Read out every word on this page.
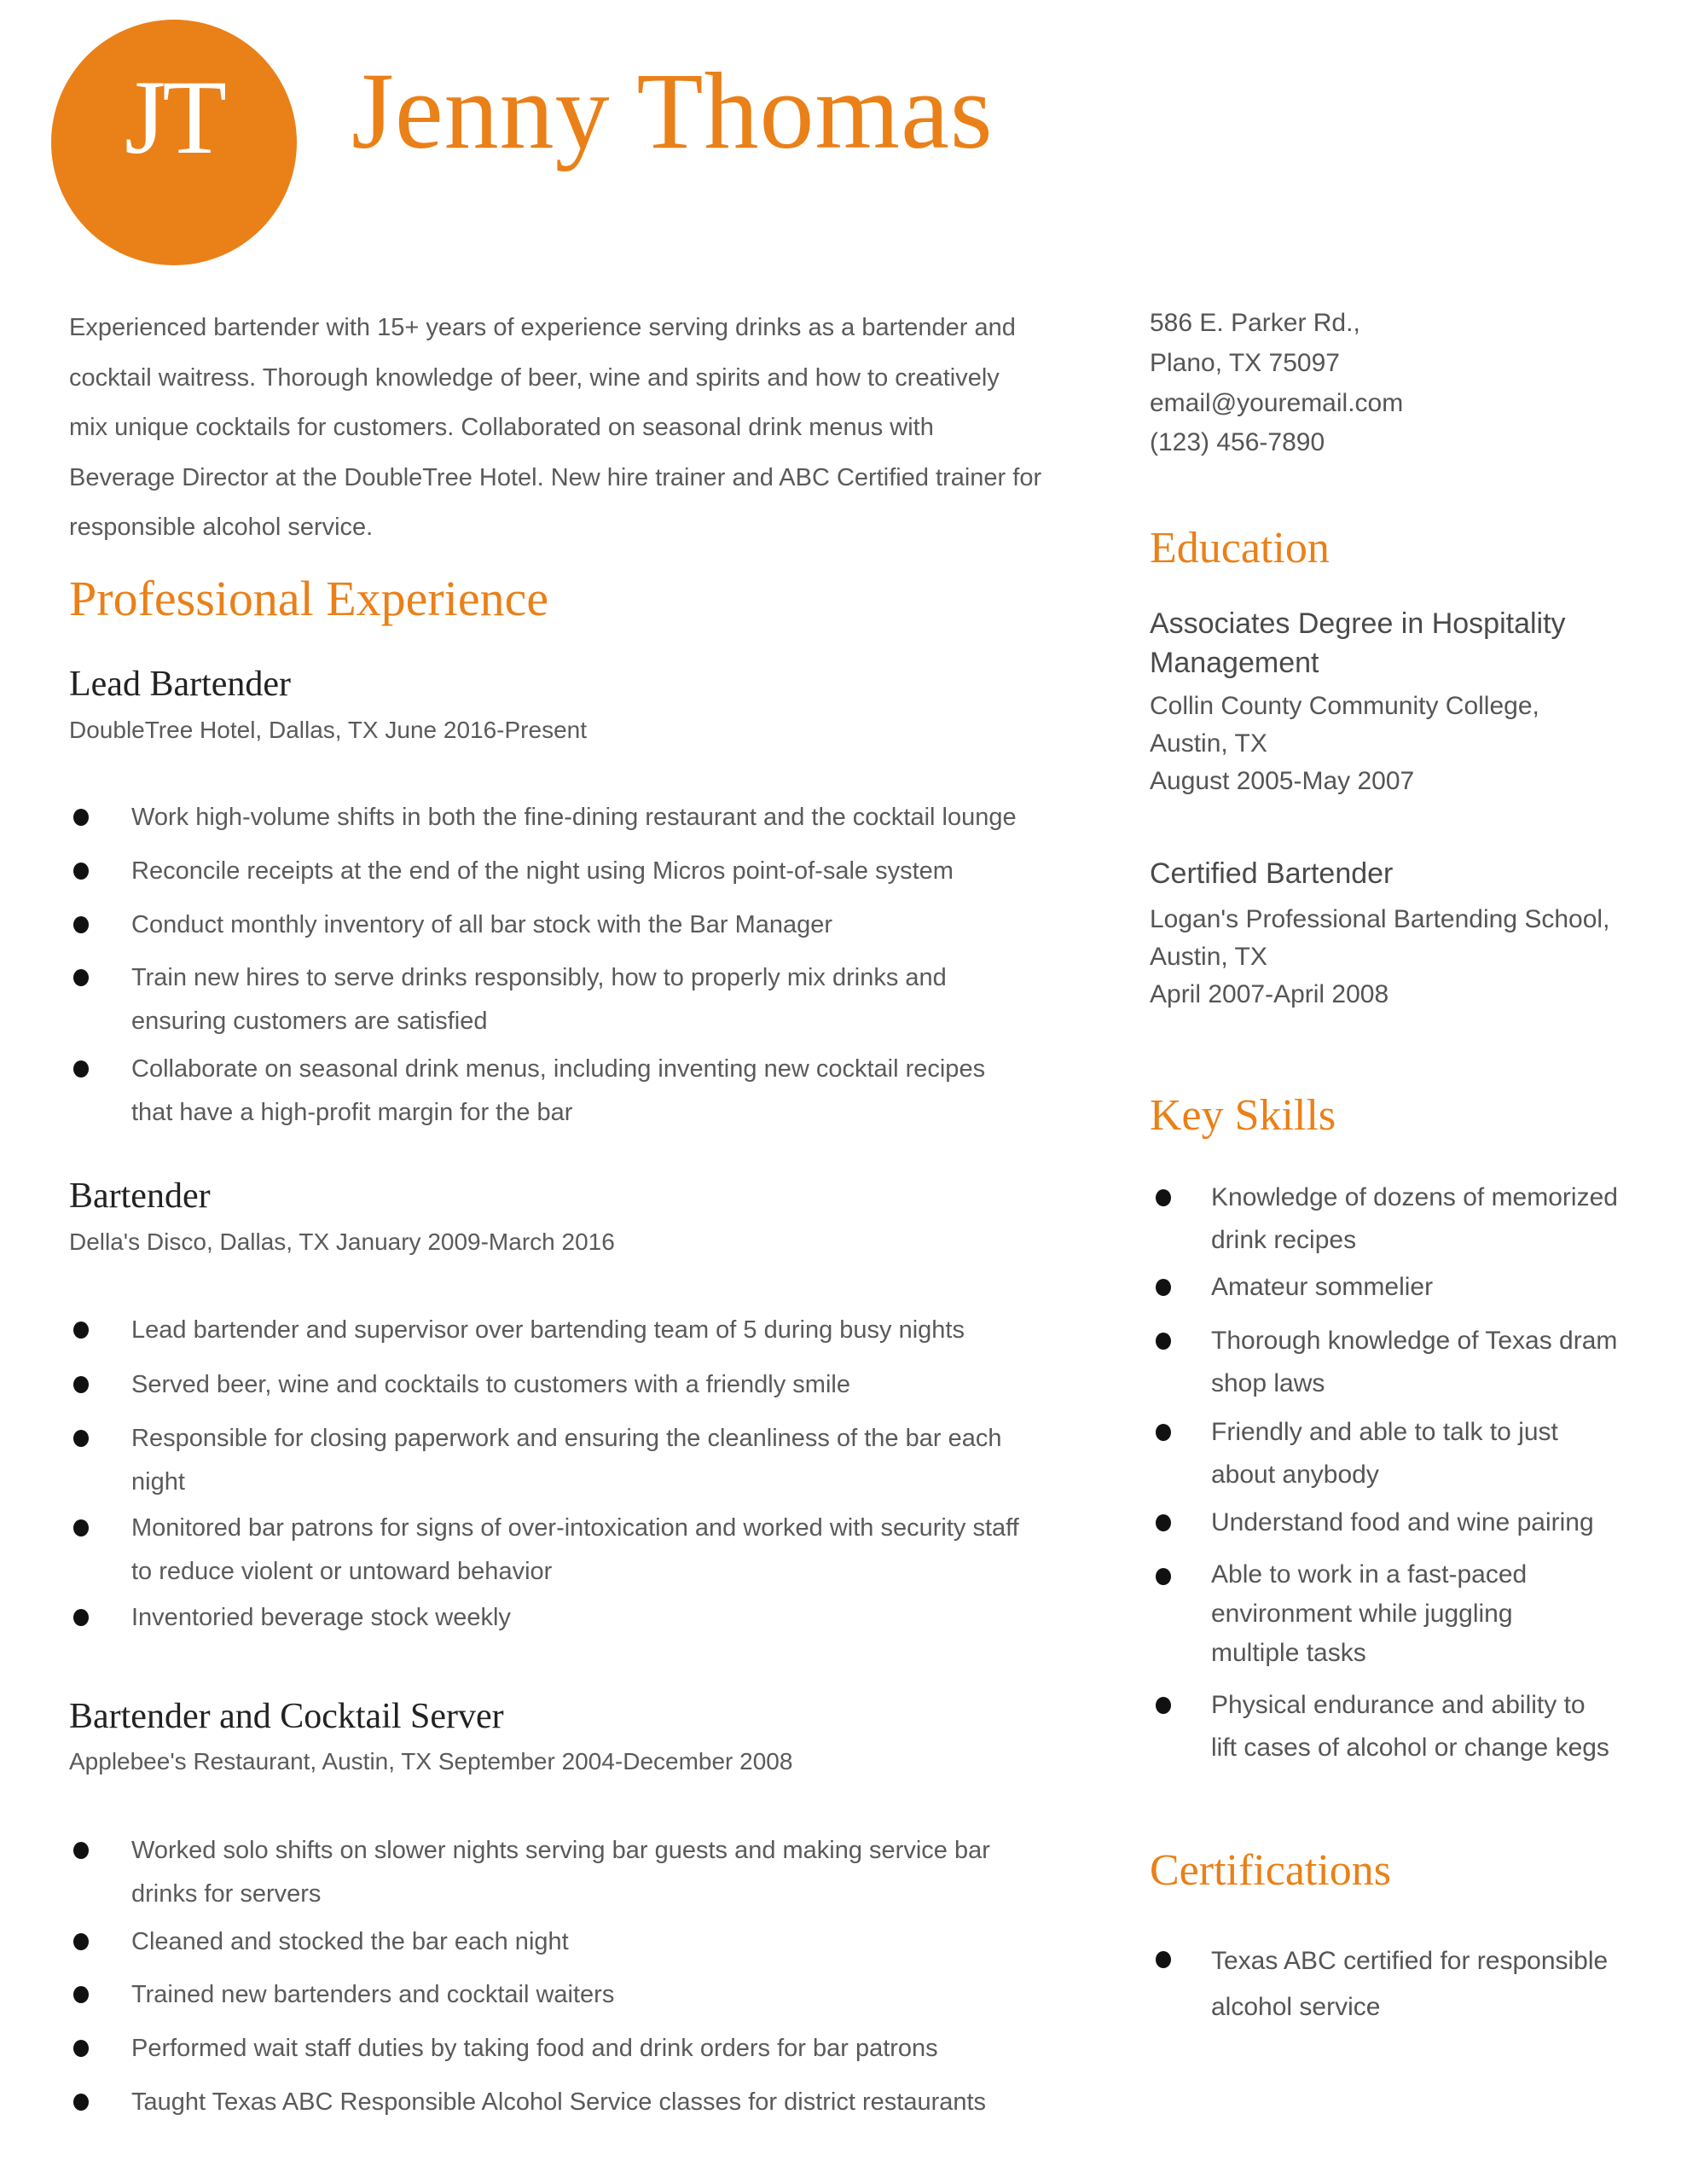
JT	Jenny Thomas
Experienced bartender with 15+ years of experience serving drinks as a bartender and
cocktail waitress. Thorough knowledge of beer, wine and spirits and how to creatively
mix unique cocktails for customers. Collaborated on seasonal drink menus with
Beverage Director at the DoubleTree Hotel. New hire trainer and ABC Certified trainer for
responsible alcohol service.
Professional Experience
Lead Bartender
DoubleTree Hotel, Dallas, TX June 2016-Present
Work high-volume shifts in both the fine-dining restaurant and the cocktail lounge
Reconcile receipts at the end of the night using Micros point-of-sale system
Conduct monthly inventory of all bar stock with the Bar Manager
Train new hires to serve drinks responsibly, how to properly mix drinks and
ensuring customers are satisfied
Collaborate on seasonal drink menus, including inventing new cocktail recipes
that have a high-profit margin for the bar
Bartender
Della's Disco, Dallas, TX January 2009-March 2016
Lead bartender and supervisor over bartending team of 5 during busy nights
Served beer, wine and cocktails to customers with a friendly smile
Responsible for closing paperwork and ensuring the cleanliness of the bar each
night
Monitored bar patrons for signs of over-intoxication and worked with security staff
to reduce violent or untoward behavior
Inventoried beverage stock weekly
Bartender and Cocktail Server
Applebee's Restaurant, Austin, TX September 2004-December 2008
Worked solo shifts on slower nights serving bar guests and making service bar
drinks for servers
Cleaned and stocked the bar each night
Trained new bartenders and cocktail waiters
Performed wait staff duties by taking food and drink orders for bar patrons
Taught Texas ABC Responsible Alcohol Service classes for district restaurants
586 E. Parker Rd.,
Plano, TX 75097
email@youremail.com
(123) 456-7890
Education
Associates Degree in Hospitality
Management
Collin County Community College,
Austin, TX
August 2005-May 2007
Certified Bartender
Logan's Professional Bartending School,
Austin, TX
April 2007-April 2008
Key Skills
Knowledge of dozens of memorized
drink recipes
Amateur sommelier
Thorough knowledge of Texas dram
shop laws
Friendly and able to talk to just
about anybody
Understand food and wine pairing
Able to work in a fast-paced
environment while juggling
multiple tasks
Physical endurance and ability to
lift cases of alcohol or change kegs
Certifications
Texas ABC certified for responsible
alcohol service
